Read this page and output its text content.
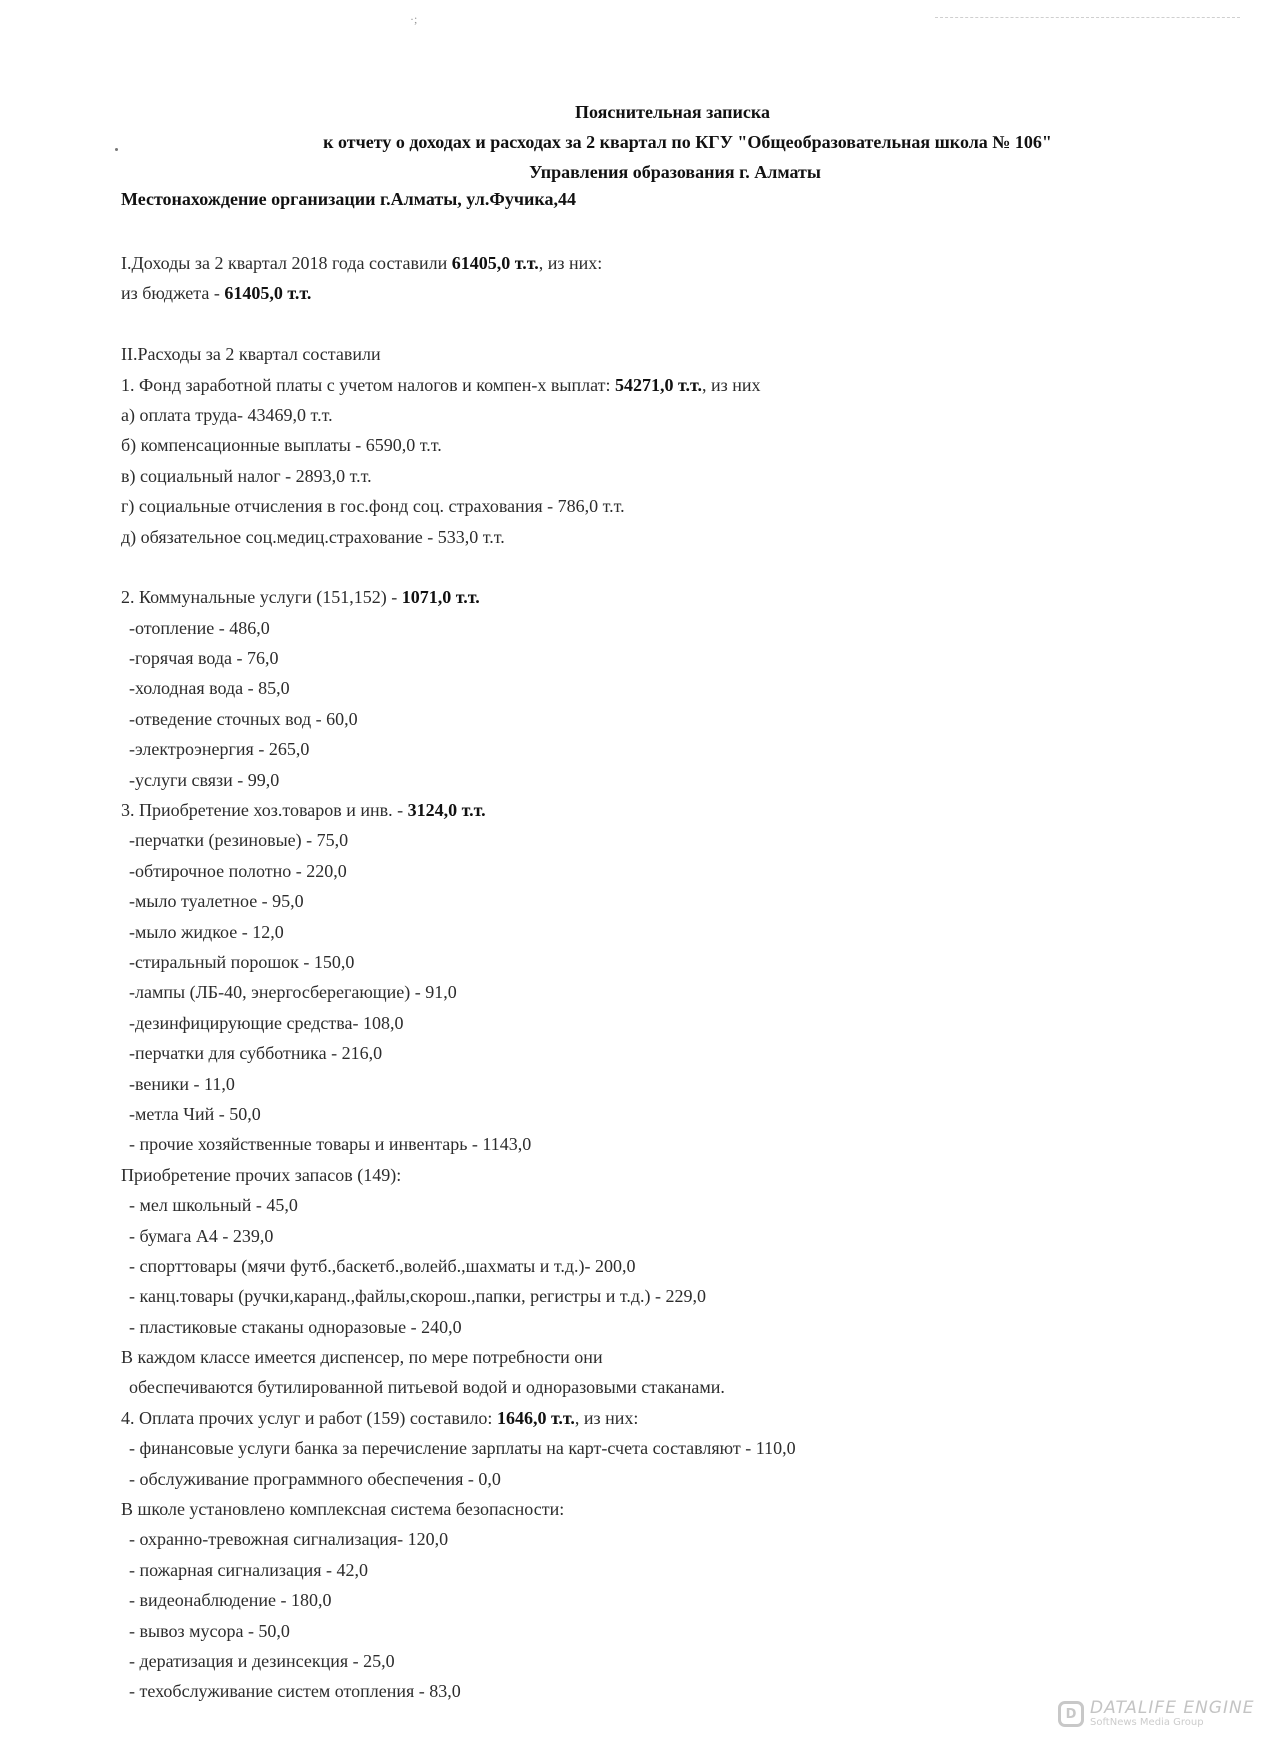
·;
Пояснительная записка
к отчету о доходах и расходах за 2 квартал по КГУ "Общеобразовательная школа № 106"
Управления образования г. Алматы
Местонахождение организации г.Алматы, ул.Фучика,44
I.Доходы за 2 квартал 2018 года составили 61405,0 т.т., из них:
из бюджета - 61405,0 т.т.
II.Расходы за 2 квартал составили
1. Фонд заработной платы с учетом налогов и компен-х выплат: 54271,0 т.т., из них
а) оплата труда- 43469,0 т.т.
б) компенсационные выплаты - 6590,0 т.т.
в) социальный налог - 2893,0 т.т.
г) социальные отчисления в гос.фонд соц. страхования - 786,0 т.т.
д) обязательное соц.медиц.страхование - 533,0 т.т.
2. Коммунальные услуги (151,152) - 1071,0 т.т.
-отопление - 486,0
-горячая вода - 76,0
-холодная вода - 85,0
-отведение сточных вод - 60,0
-электроэнергия - 265,0
-услуги связи - 99,0
3. Приобретение хоз.товаров и инв. - 3124,0 т.т.
-перчатки (резиновые) - 75,0
-обтирочное полотно - 220,0
-мыло туалетное - 95,0
-мыло жидкое - 12,0
-стиральный порошок - 150,0
-лампы (ЛБ-40, энергосберегающие) - 91,0
-дезинфицирующие средства- 108,0
-перчатки для субботника - 216,0
-веники - 11,0
-метла Чий - 50,0
- прочие хозяйственные товары и инвентарь - 1143,0
Приобретение прочих запасов (149):
- мел школьный - 45,0
- бумага А4 - 239,0
- спорттовары (мячи футб.,баскетб.,волейб.,шахматы и т.д.)- 200,0
- канц.товары (ручки,каранд.,файлы,скорош.,папки, регистры и т.д.) - 229,0
- пластиковые стаканы одноразовые - 240,0
В каждом классе имеется диспенсер, по мере потребности они
обеспечиваются бутилированной питьевой водой и одноразовыми стаканами.
4. Оплата прочих услуг и работ (159) составило: 1646,0 т.т., из них:
- финансовые услуги банка за перечисление зарплаты на карт-счета составляют - 110,0
- обслуживание программного обеспечения - 0,0
В школе установлено комплексная система безопасности:
- охранно-тревожная сигнализация- 120,0
- пожарная сигнализация - 42,0
- видеонаблюдение - 180,0
- вывоз мусора - 50,0
- дератизация и дезинсекция - 25,0
- техобслуживание систем отопления - 83,0
D DATALIFE ENGINE
SoftNews Media Group
